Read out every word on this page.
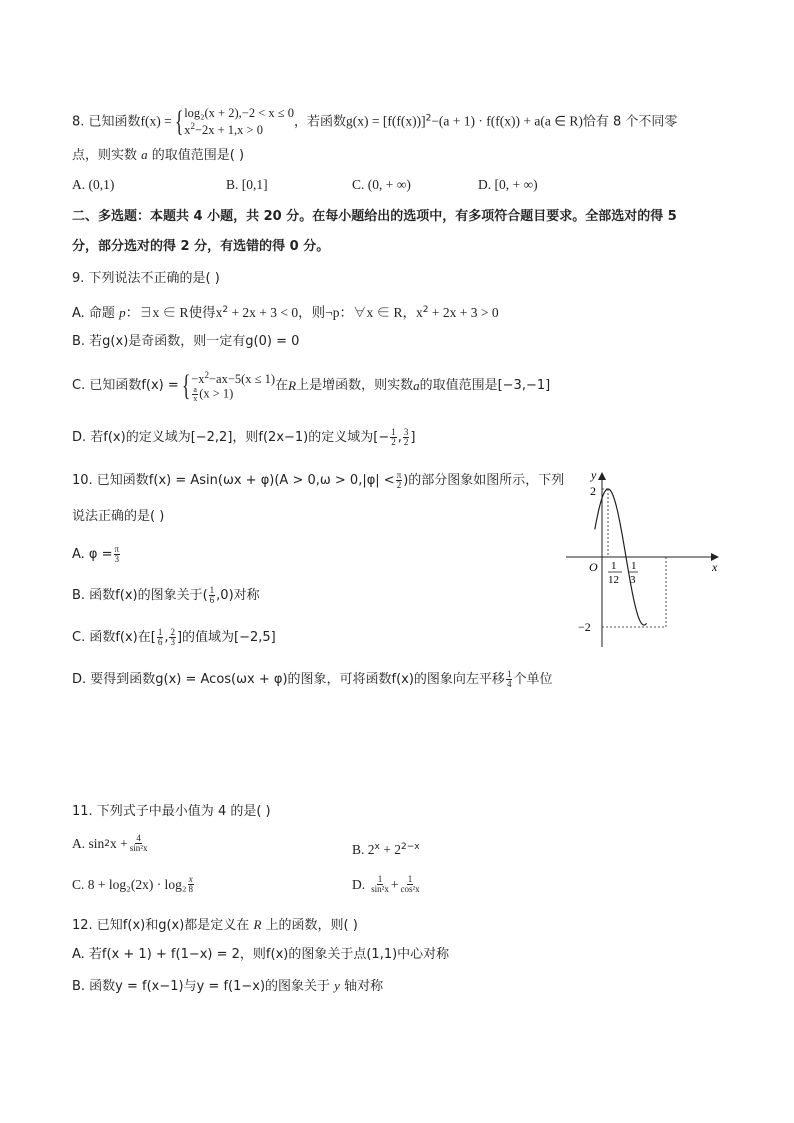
8. 已知函数f(x) = { log₂(x + 2),−2 < x ≤ 0
$x^2-2x + 1,x > 0$
，若函数$g(x) = [f(f(x))]^2-(a + 1) \cdot f(f(x)) + a(a$ ∈ R)恰有 8 个不同零
点，则实数 a 的取值范围是( )
A. (0,1)	B. [0,1]	C. (0, + ∞)	D. [0, + ∞)
二、多选题：本题共 4 小题，共 20 分。在每小题给出的选项中，有多项符合题目要求。全部选对的得 5
分，部分选对的得 2 分，有选错的得 0 分。
9. 下列说法不正确的是( )
A. 命题 p：∃x ∈ R使得$x^2 + 2x + 3 < 0$，则¬p：∀x ∈ R，$x^2 + 2x + 3 > 0$
B. 若g(x)是奇函数，则一定有g(0) = 0
C. 已知函数f(x) = { $-x^2-ax-5(x \le 1)$
$\frac{a}{x} (x > 1)$
在 R 上是增函数，则实数 a 的取值范围是[−3,−1]
D. 若f(x)的定义域为[−2,2]，则f(2x−1)的定义域为[− $\frac{1}{2}$ , $\frac{3}{2}$ ]
10. 已知函数$f(x) = Asin(\omega x + \varphi)(A > 0,\omega > 0,|\varphi| < \frac{\pi}{2}$ )的部分图象如图所示，下列
说法正确的是( )
A. $\varphi = \frac{\pi}{3}$
B. 函数f(x)的图象关于( $\frac{1}{6} ,0$)对称
C. 函数f(x)在[ $\frac{1}{6}$ , $\frac{2}{3}$ ]的值域为[−2,5]
D. 要得到函数g(x) = Acos(ωx + φ)的图象，可将函数f(x)的图象向左平移 $\frac{1}{4}$ 个单位
y
x
O
2
−2
1
12
1
3
11. 下列式子中最小值为 4 的是( )
A. sin 2 $x + \frac{4}{\text{sin²x}}$	B. $2^x + 2^{2-x}$
C. $8 + \log_2(2x) \cdot \log_2 \frac{x}{8}$	D. $\frac{1}{\text{sin²x}} + \frac{1}{\text{cos²x}}$
12. 已知f(x)和g(x)都是定义在 R 上的函数，则( )
A. 若f(x + 1) + f(1−x) = 2，则f(x)的图象关于点(1,1)中心对称
B. 函数y = f(x−1)与y = f(1−x)的图象关于 y 轴对称
